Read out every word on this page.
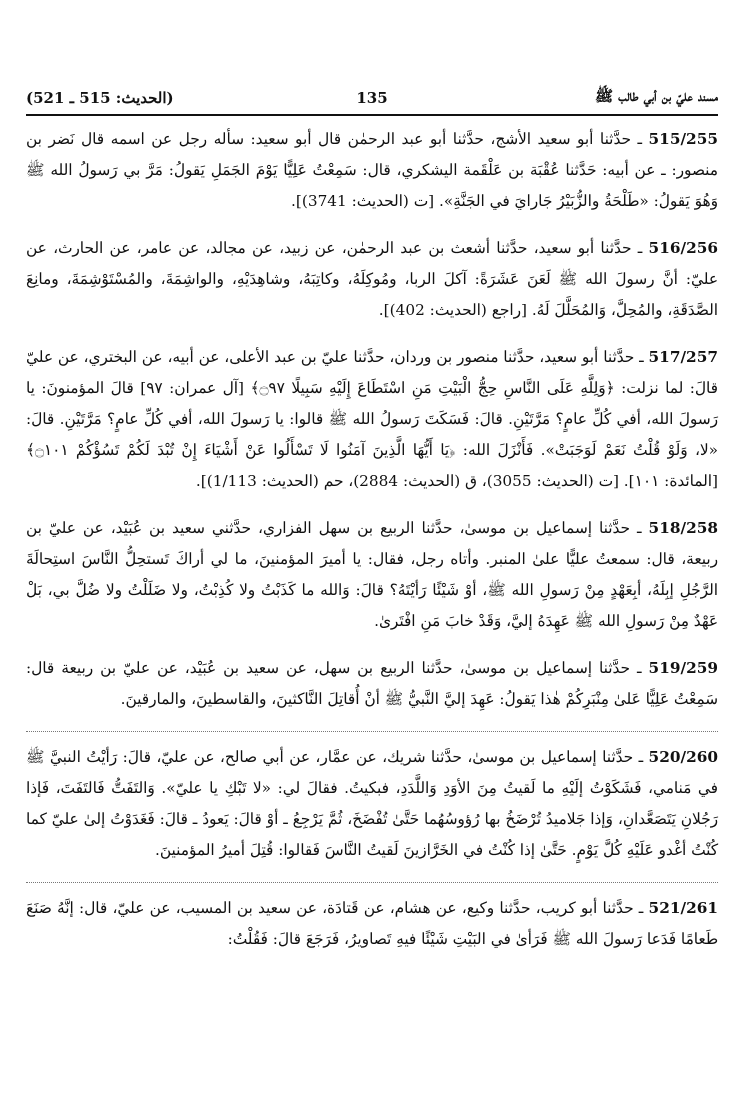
مسند عليّ بن أبي طالب ﷺ
135
(الحديث: 515 ـ 521)

515/255 ـ حدَّثنا أبو سعيد الأشج، حدَّثنا أبو عبد الرحمٰن قال أبو سعيد: سأله رجل عن اسمه قال نَضر بن منصور: ـ عن أبيه: حَدَّثنا عُقْبَة بن عَلْقَمة اليشكري، قال: سَمِعْتُ عَلِيًّا يَوْمَ الجَمَلِ يَقولُ: مَرَّ بي رَسولُ الله ﷺ وَهُوَ يَقولُ: «طَلْحَةُ والزُّبَيْرُ جَارايَ في الجَنَّةِ». [ت (الحديث: 3741)].

516/256 ـ حدَّثنا أبو سعيد، حدَّثنا أشعث بن عبد الرحمٰن، عن زبيد، عن مجالد، عن عامر، عن الحارث، عن عليّ: أنَّ رسولَ الله ﷺ لَعَنَ عَشَرَةً: آكلَ الربا، ومُوكِلَهُ، وكاتِبَهُ، وشاهِدَيْهِ، والواشِمَةَ، والمُسْتَوْشِمَةَ، ومانِعَ الصَّدَقَةِ، والمُحِلَّ، وَالمُحَلَّلَ لَهُ. [راجع (الحديث: 402)].

517/257 ـ حدَّثنا أبو سعيد، حدَّثنا منصور بن وردان، حدَّثنا عليّ بن عبد الأعلى، عن أبيه، عن البختري، عن عليّ قالَ: لما نزلت: ﴿وَلِلَّهِ عَلَى النَّاسِ حِجُّ الْبَيْتِ مَنِ اسْتَطَاعَ إِلَيْهِ سَبِيلًا ۝٩٧﴾ [آل عمران: ٩٧] قالَ المؤمنونَ: يا رَسولَ الله، أفي كُلِّ عامٍ؟ مَرَّتَيْنِ. قالَ: فَسَكَتَ رَسولُ الله ﷺ قالوا: يا رَسولَ الله، أفي كُلِّ عامٍ؟ مَرَّتَيْنِ. قالَ: «لا، وَلَوْ قُلْتُ نَعَمْ لَوَجَبَتْ». فَأَنْزَلَ الله: ﴿يَا أَيُّهَا الَّذِينَ آمَنُوا لَا تَسْأَلُوا عَنْ أَشْيَاءَ إِنْ تُبْدَ لَكُمْ تَسُؤْكُمْ ۝١٠١﴾ [المائدة: ١٠١]. [ت (الحديث: 3055)، ق (الحديث: 2884)، حم (الحديث: 1/113)].

518/258 ـ حدَّثنا إسماعيل بن موسىٰ، حدَّثنا الربيع بن سهل الفزاري، حدَّثني سعيد بن عُبَيْد، عن عليّ بن ربيعة، قال: سمعتُ عليًّا علىٰ المنبر. وأتاه رجل، فقال: يا أميرَ المؤمنينَ، ما لي أراكَ تَستحِلُّ النَّاسَ استِحالَةَ الرَّجُلِ إبِلَهُ، أبِعَهْدٍ مِنْ رَسولِ الله ﷺ، أوْ شَيْئًا رَأيْتَهُ؟ قالَ: وَالله ما كَذَبْتُ ولا كُذِبْتُ، ولا ضَلَلْتُ ولا ضُلَّ بي، بَلْ عَهْدٌ مِنْ رَسولِ الله ﷺ عَهِدَهُ إليَّ، وَقَدْ خابَ مَنِ افْتَرىٰ.

519/259 ـ حدَّثنا إسماعيل بن موسىٰ، حدَّثنا الربيع بن سهل، عن سعيد بن عُبَيْد، عن عليّ بن ربيعة قال: سَمِعْتُ عَلِيًّا عَلىٰ مِنْبَرِكُمْ هٰذا يَقولُ: عَهِدَ إليَّ النَّبيُّ ﷺ أنْ أُقاتِلَ النَّاكثينَ، والقاسطينَ، والمارقينَ.

520/260 ـ حدَّثنا إسماعيل بن موسىٰ، حدَّثنا شريك، عن عمَّار، عن أبي صالح، عن عليّ، قالَ: رَأيْتُ النبيَّ ﷺ في مَنامي، فَشَكَوْتُ إلَيْهِ ما لَقيتُ مِنَ الأوَدِ وَاللَّدَدِ، فبكيتُ. فقالَ لي: «لا تَبْكِ يا عليّ». وَالتَفَتُّ فَالتَفَتَ، فَإذا رَجُلانِ يَتَصَعَّدانِ، وَإذا جَلاميدُ تُرْضَخُ بها رُؤوسُهُما حَتَّىٰ تُفْضَخَ، ثُمَّ يَرْجِعُ ـ أوْ قالَ: يَعودُ ـ قالَ: فَغَدَوْتُ إلىٰ عليّ كما كُنْتُ أغْدو عَلَيْهِ كُلَّ يَوْمٍ. حَتَّىٰ إذا كُنْتُ في الخَرَّازينَ لَقيتُ النَّاسَ فَقالوا: قُتِلَ أميرُ المؤمنينَ.

521/261 ـ حدَّثنا أبو كريب، حدَّثنا وكيع، عن هشام، عن قَتادَة، عن سعيد بن المسيب، عن عليّ، قال: إنَّهُ صَنَعَ طَعامًا فَدَعا رَسولَ الله ﷺ فَرَأىٰ في البَيْتِ شَيْئًا فيهِ تَصاويرُ، فَرَجَعَ قالَ: فَقُلْتُ:
